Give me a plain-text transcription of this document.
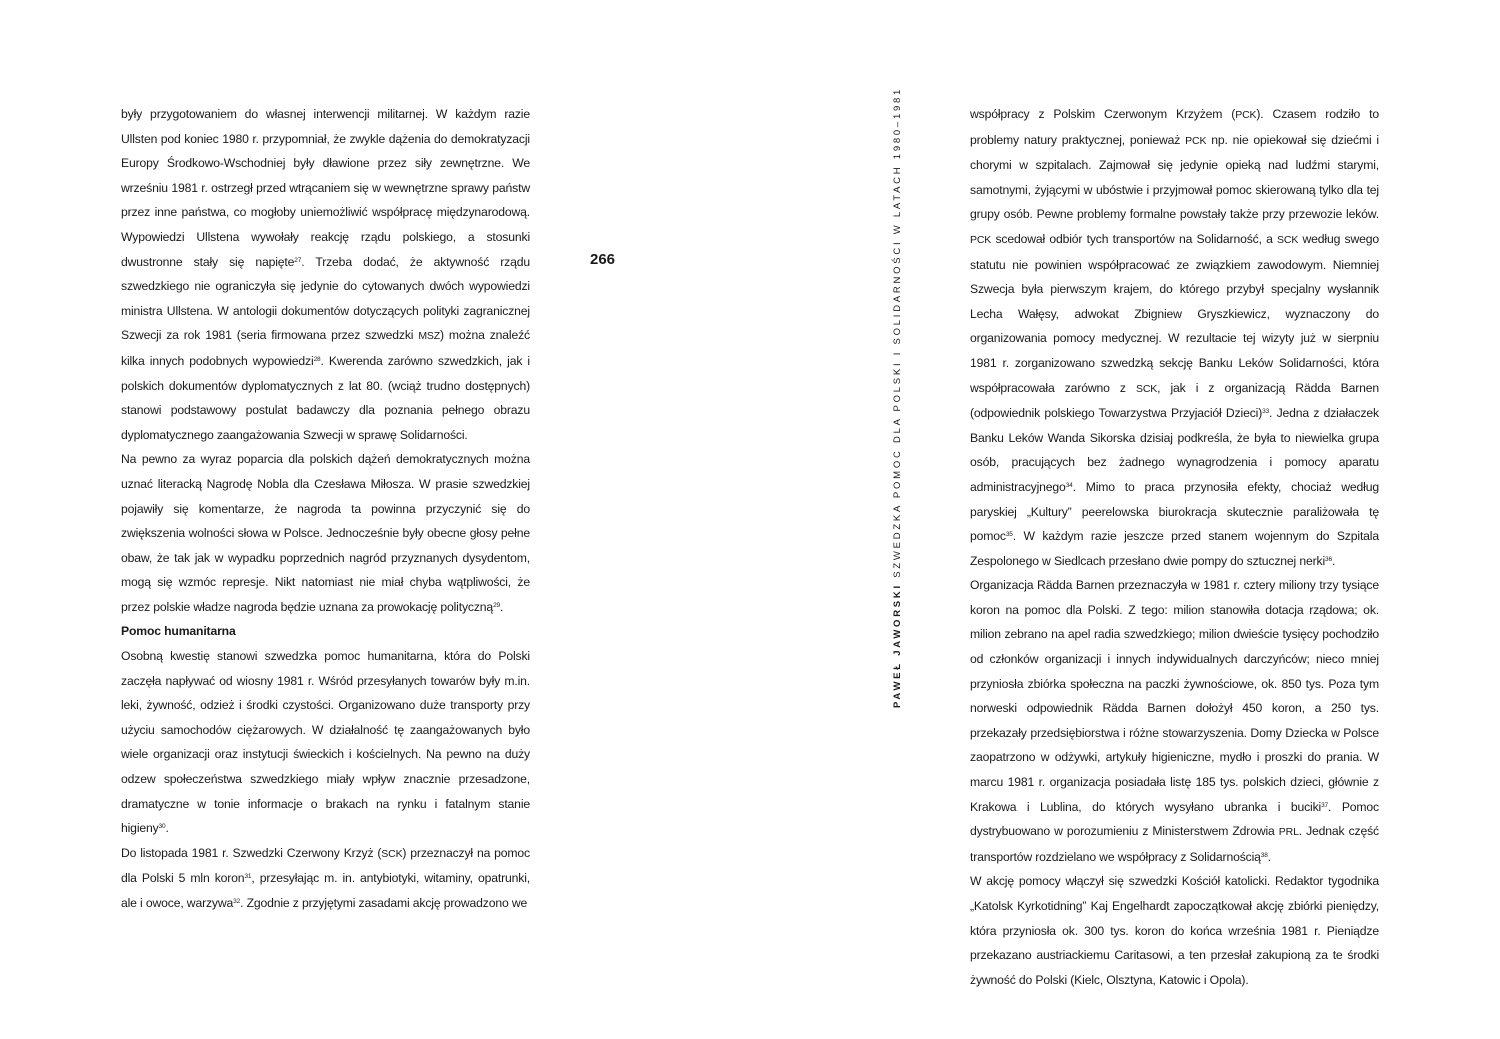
były przygotowaniem do własnej interwencji militarnej. W każdym razie Ullsten pod koniec 1980 r. przypomniał, że zwykle dążenia do demokratyzacji Europy Środkowo-Wschodniej były dławione przez siły zewnętrzne. We wrześniu 1981 r. ostrzegł przed wtrącaniem się w wewnętrzne sprawy państw przez inne państwa, co mogłoby uniemożliwić współpracę międzynarodową. Wypowiedzi Ullstena wywołały reakcję rządu polskiego, a stosunki dwustronne stały się napięte$^{27}$. Trzeba dodać, że aktywność rządu szwedzkiego nie ograniczyła się jedynie do cytowanych dwóch wypowiedzi ministra Ullstena. W antologii dokumentów dotyczących polityki zagranicznej Szwecji za rok 1981 (seria firmowana przez szwedzki MSZ) można znaleźć kilka innych podobnych wypowiedzi$^{28}$. Kwerenda zarówno szwedzkich, jak i polskich dokumentów dyplomatycznych z lat 80. (wciąż trudno dostępnych) stanowi podstawowy postulat badawczy dla poznania pełnego obrazu dyplomatycznego zaangażowania Szwecji w sprawę Solidarności.

Na pewno za wyraz poparcia dla polskich dążeń demokratycznych można uznać literacką Nagrodę Nobla dla Czesława Miłosza. W prasie szwedzkiej pojawiły się komentarze, że nagroda ta powinna przyczynić się do zwiększenia wolności słowa w Polsce. Jednocześnie były obecne głosy pełne obaw, że tak jak w wypadku poprzednich nagród przyznanych dysydentom, mogą się wzmóc represje. Nikt natomiast nie miał chyba wątpliwości, że przez polskie władze nagroda będzie uznana za prowokację polityczną$^{29}$.

Pomoc humanitarna

Osobną kwestię stanowi szwedzka pomoc humanitarna, która do Polski zaczęła napływać od wiosny 1981 r. Wśród przesyłanych towarów były m.in. leki, żywność, odzież i środki czystości. Organizowano duże transporty przy użyciu samochodów ciężarowych. W działalność tę zaangażowanych było wiele organizacji oraz instytucji świeckich i kościelnych. Na pewno na duży odzew społeczeństwa szwedzkiego miały wpływ znacznie przesadzone, dramatyczne w tonie informacje o brakach na rynku i fatalnym stanie higieny$^{30}$.

Do listopada 1981 r. Szwedzki Czerwony Krzyż (SCK) przeznaczył na pomoc dla Polski 5 mln koron$^{31}$, przesyłając m. in. antybiotyki, witaminy, opatrunki, ale i owoce, warzywa$^{32}$. Zgodnie z przyjętymi zasadami akcję prowadzono we

266
PAWEŁ JAWORSKI SZWEDZKA POMOC DLA POLSKI I SOLIDARNOŚCI W LATACH 1980–1981	współpracy z Polskim Czerwonym Krzyżem (PCK). Czasem rodziło to problemy natury praktycznej, ponieważ PCK np. nie opiekował się dziećmi i chorymi w szpitalach. Zajmował się jedynie opieką nad ludźmi starymi, samotnymi, żyjącymi w ubóstwie i przyjmował pomoc skierowaną tylko dla tej grupy osób. Pewne problemy formalne powstały także przy przewozie leków. PCK scedował odbiór tych transportów na Solidarność, a SCK według swego statutu nie powinien współpracować ze związkiem zawodowym. Niemniej Szwecja była pierwszym krajem, do którego przybył specjalny wysłannik Lecha Wałęsy, adwokat Zbigniew Gryszkiewicz, wyznaczony do organizowania pomocy medycznej. W rezultacie tej wizyty już w sierpniu 1981 r. zorganizowano szwedzką sekcję Banku Leków Solidarności, która współpracowała zarówno z SCK, jak i z organizacją Rädda Barnen (odpowiednik polskiego Towarzystwa Przyjaciół Dzieci)$^{33}$. Jedna z działaczek Banku Leków Wanda Sikorska dzisiaj podkreśla, że była to niewielka grupa osób, pracujących bez żadnego wynagrodzenia i pomocy aparatu administracyjnego$^{34}$. Mimo to praca przynosiła efekty, chociaż według paryskiej „Kultury” peerelowska biurokracja skutecznie paraliżowała tę pomoc$^{35}$. W każdym razie jeszcze przed stanem wojennym do Szpitala Zespolonego w Siedlcach przesłano dwie pompy do sztucznej nerki$^{36}$.

Organizacja Rädda Barnen przeznaczyła w 1981 r. cztery miliony trzy tysiące koron na pomoc dla Polski. Z tego: milion stanowiła dotacja rządowa; ok. milion zebrano na apel radia szwedzkiego; milion dwieście tysięcy pochodziło od członków organizacji i innych indywidualnych darczyńców; nieco mniej przyniosła zbiórka społeczna na paczki żywnościowe, ok. 850 tys. Poza tym norweski odpowiednik Rädda Barnen dołożył 450 koron, a 250 tys. przekazały przedsiębiorstwa i różne stowarzyszenia. Domy Dziecka w Polsce zaopatrzono w odżywki, artykuły higieniczne, mydło i proszki do prania. W marcu 1981 r. organizacja posiadała listę 185 tys. polskich dzieci, głównie z Krakowa i Lublina, do których wysyłano ubranka i buciki$^{37}$. Pomoc dystrybuowano w porozumieniu z Ministerstwem Zdrowia PRL. Jednak część transportów rozdzielano we współpracy z Solidarnością$^{38}$.

W akcję pomocy włączył się szwedzki Kościół katolicki. Redaktor tygodnika „Katolsk Kyrkotidning” Kaj Engelhardt zapoczątkował akcję zbiórki pieniędzy, która przyniosła ok. 300 tys. koron do końca września 1981 r. Pieniądze przekazano austriackiemu Caritasowi, a ten przesłał zakupioną za te środki żywność do Polski (Kielc, Olsztyna, Katowic i Opola).
